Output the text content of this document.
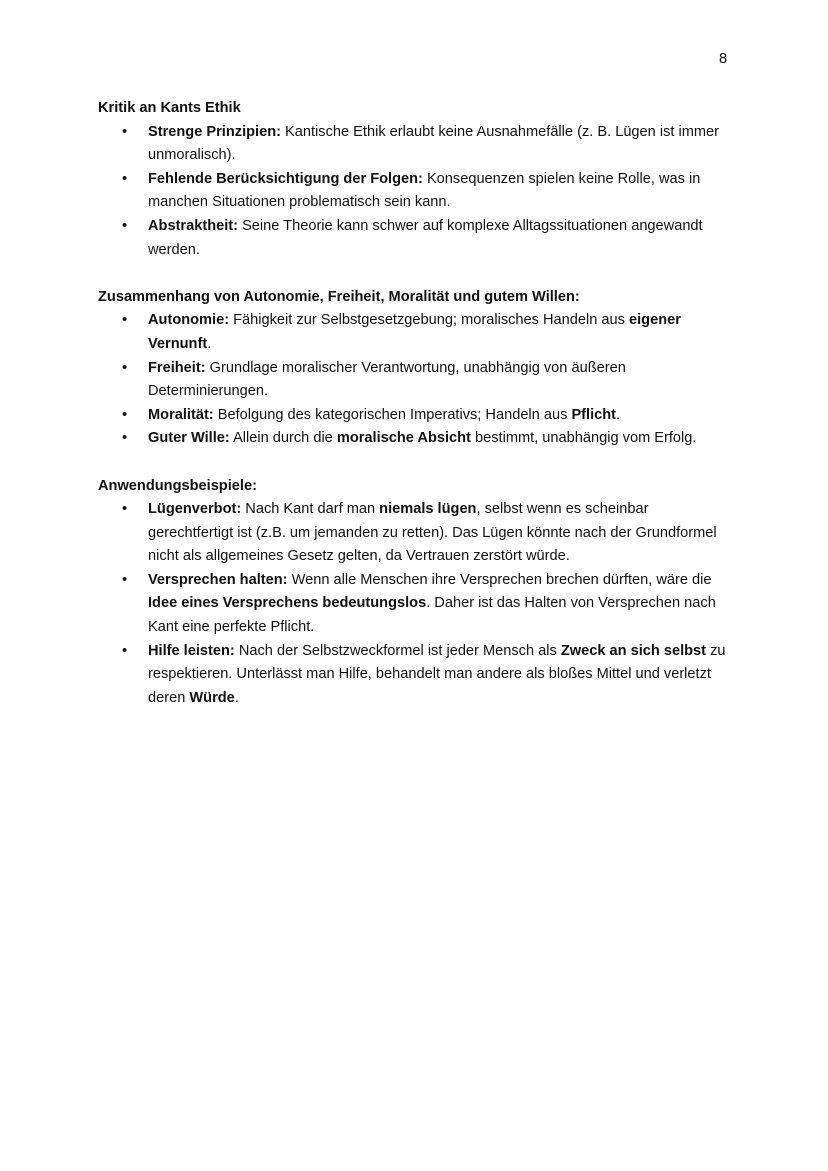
8
Kritik an Kants Ethik
• Strenge Prinzipien: Kantische Ethik erlaubt keine Ausnahmefälle (z. B. Lügen ist immer unmoralisch).
• Fehlende Berücksichtigung der Folgen: Konsequenzen spielen keine Rolle, was in manchen Situationen problematisch sein kann.
• Abstraktheit: Seine Theorie kann schwer auf komplexe Alltagssituationen angewandt werden.
Zusammenhang von Autonomie, Freiheit, Moralität und gutem Willen:
• Autonomie: Fähigkeit zur Selbstgesetzgebung; moralisches Handeln aus eigener Vernunft.
• Freiheit: Grundlage moralischer Verantwortung, unabhängig von äußeren Determinierungen.
• Moralität: Befolgung des kategorischen Imperativs; Handeln aus Pflicht.
• Guter Wille: Allein durch die moralische Absicht bestimmt, unabhängig vom Erfolg.
Anwendungsbeispiele:
• Lügenverbot: Nach Kant darf man niemals lügen, selbst wenn es scheinbar gerechtfertigt ist (z.B. um jemanden zu retten). Das Lügen könnte nach der Grundformel nicht als allgemeines Gesetz gelten, da Vertrauen zerstört würde.
• Versprechen halten: Wenn alle Menschen ihre Versprechen brechen dürften, wäre die Idee eines Versprechens bedeutungslos. Daher ist das Halten von Versprechen nach Kant eine perfekte Pflicht.
• Hilfe leisten: Nach der Selbstzweckformel ist jeder Mensch als Zweck an sich selbst zu respektieren. Unterlässt man Hilfe, behandelt man andere als bloßes Mittel und verletzt deren Würde.
